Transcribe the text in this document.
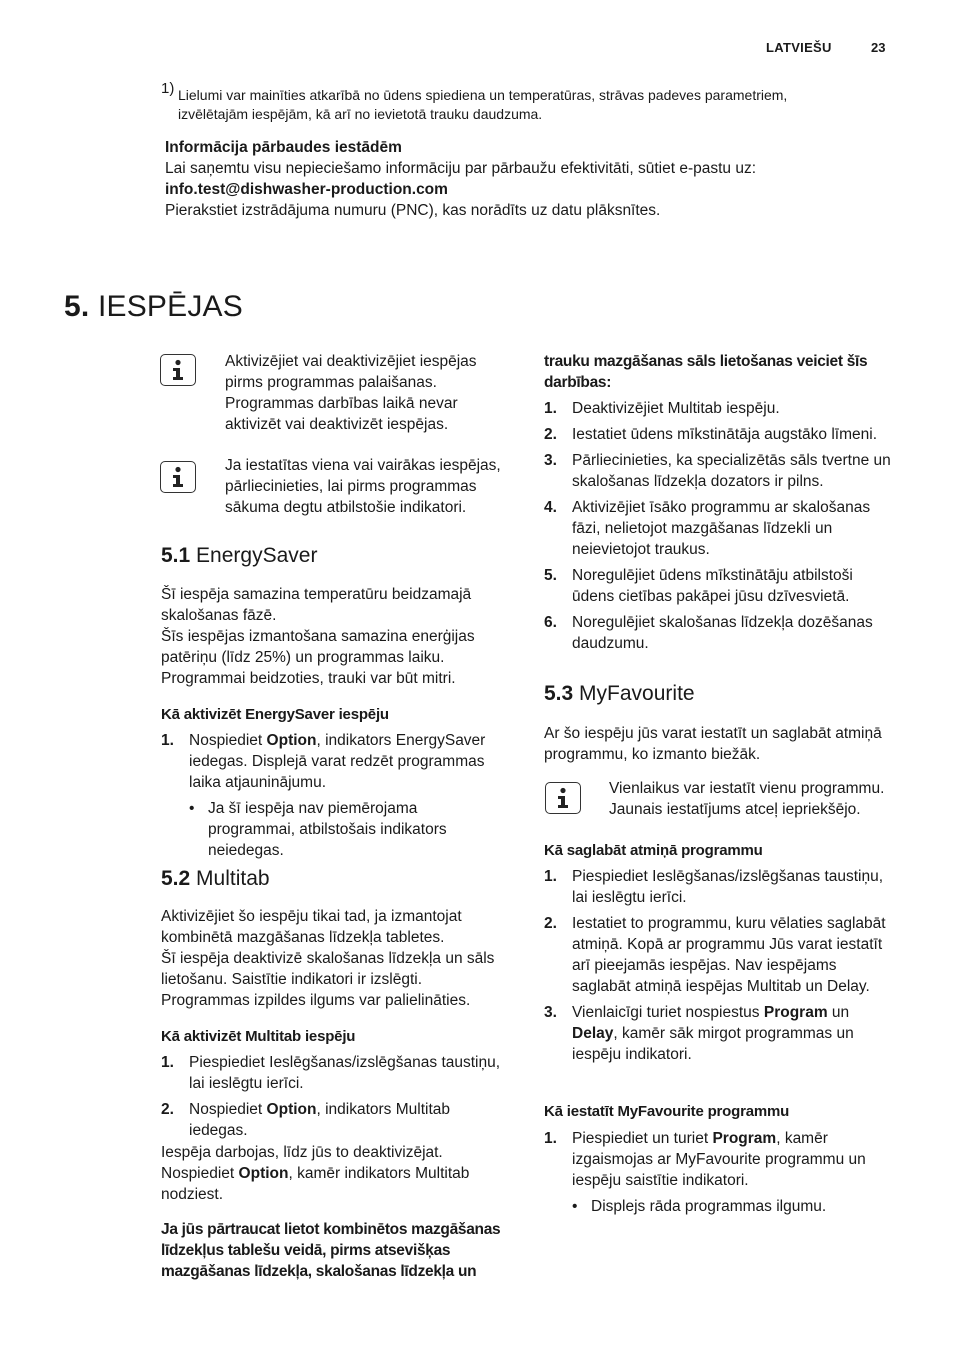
LATVIEŠU	23
1) Lielumi var mainīties atkarībā no ūdens spiediena un temperatūras, strāvas padeves parametriem,
izvēlētajām iespējām, kā arī no ievietotā trauku daudzuma.
Informācija pārbaudes iestādēm
Lai saņemtu visu nepieciešamo informāciju par pārbaužu efektivitāti, sūtiet e-pastu uz:
info.test@dishwasher-production.com
Pierakstiet izstrādājuma numuru (PNC), kas norādīts uz datu plāksnītes.
5. IESPĒJAS
Aktivizējiet vai deaktivizējiet iespējas pirms programmas palaišanas. Programmas darbības laikā nevar aktivizēt vai deaktivizēt iespējas.
Ja iestatītas viena vai vairākas iespējas, pārliecinieties, lai pirms programmas sākuma degtu atbilstošie indikatori.
5.1 EnergySaver
Šī iespēja samazina temperatūru beidzamajā skalošanas fāzē.
Šīs iespējas izmantošana samazina enerģijas patēriņu (līdz 25%) un programmas laiku.
Programmai beidzoties, trauki var būt mitri.
Kā aktivizēt EnergySaver iespēju
1. Nospiediet Option, indikators EnergySaver iedegas. Displejā varat redzēt programmas laika atjauninājumu.
• Ja šī iespēja nav piemērojama programmai, atbilstošais indikators neiedegas.
5.2 Multitab
Aktivizējiet šo iespēju tikai tad, ja izmantojat kombinētā mazgāšanas līdzekļa tabletes.
Šī iespēja deaktivizē skalošanas līdzekļa un sāls lietošanu. Saistītie indikatori ir izslēgti.
Programmas izpildes ilgums var palielināties.
Kā aktivizēt Multitab iespēju
1. Piespiediet Ieslēgšanas/izslēgšanas taustiņu, lai ieslēgtu ierīci.
2. Nospiediet Option, indikators Multitab iedegas.
Iespēja darbojas, līdz jūs to deaktivizējat. Nospiediet Option, kamēr indikators Multitab nodziest.
Ja jūs pārtraucat lietot kombinētos mazgāšanas līdzekļus tablešu veidā, pirms atsevišķas mazgāšanas līdzekļa, skalošanas līdzekļa un
trauku mazgāšanas sāls lietošanas veiciet šīs darbības:
1. Deaktivizējiet Multitab iespēju.
2. Iestatiet ūdens mīkstinātāja augstāko līmeni.
3. Pārliecinieties, ka specializētās sāls tvertne un skalošanas līdzekļa dozators ir pilns.
4. Aktivizējiet īsāko programmu ar skalošanas fāzi, nelietojot mazgāšanas līdzekli un neievietojot traukus.
5. Noregulējiet ūdens mīkstinātāju atbilstoši ūdens cietības pakāpei jūsu dzīvesvietā.
6. Noregulējiet skalošanas līdzekļa dozēšanas daudzumu.
5.3 MyFavourite
Ar šo iespēju jūs varat iestatīt un saglabāt atmiņā programmu, ko izmanto biežāk.
Vienlaikus var iestatīt vienu programmu. Jaunais iestatījums atceļ iepriekšējo.
Kā saglabāt atmiņā programmu
1. Piespiediet Ieslēgšanas/izslēgšanas taustiņu, lai ieslēgtu ierīci.
2. Iestatiet to programmu, kuru vēlaties saglabāt atmiņā. Kopā ar programmu Jūs varat iestatīt arī pieejamās iespējas. Nav iespējams saglabāt atmiņā iespējas Multitab un Delay.
3. Vienlaicīgi turiet nospiestus Program un Delay, kamēr sāk mirgot programmas un iespēju indikatori.
Kā iestatīt MyFavourite programmu
1. Piespiediet un turiet Program, kamēr izgaismojas ar MyFavourite programmu un iespēju saistītie indikatori.
• Displejs rāda programmas ilgumu.
